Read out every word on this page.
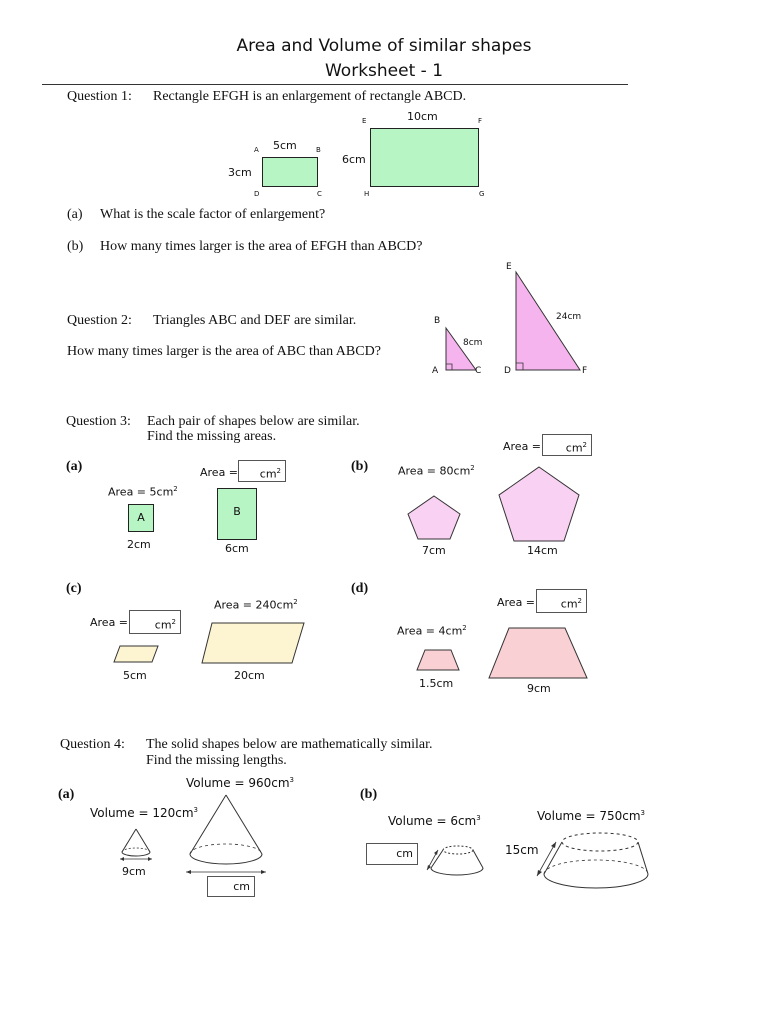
Area and Volume of similar shapes
Worksheet - 1
Question 1: Rectangle EFGH is an enlargement of rectangle ABCD.
A	B
D	C
5cm
3cm
E	F
H	G
10cm
6cm
(a) What is the scale factor of enlargement?
(b) How many times larger is the area of EFGH than ABCD?
Question 2: Triangles ABC and DEF are similar.
How many times larger is the area of ABC than ABCD?
B
A	C
8cm
E
D	F
24cm
Question 3: Each pair of shapes below are similar.
Find the missing areas.
(a)
Area = $5cm^2$
Area =	$cm^2$
A	B
2cm	6cm
(b)	Area = $80cm^2$
Area =	$cm^2$
7cm	14cm
(c)
Area =	$cm^2$
Area = $240cm^2$
5cm	20cm
(d)
Area = $4cm^2$
Area =	$cm^2$
1.5cm	9cm
Question 4: The solid shapes below are mathematically similar.
Find the missing lengths.
(a)
Volume = $960cm^3$
Volume = $120cm^3$
9cm
cm
(b)
Volume = $6cm^3$	Volume = $750cm^3$
cm	15cm
